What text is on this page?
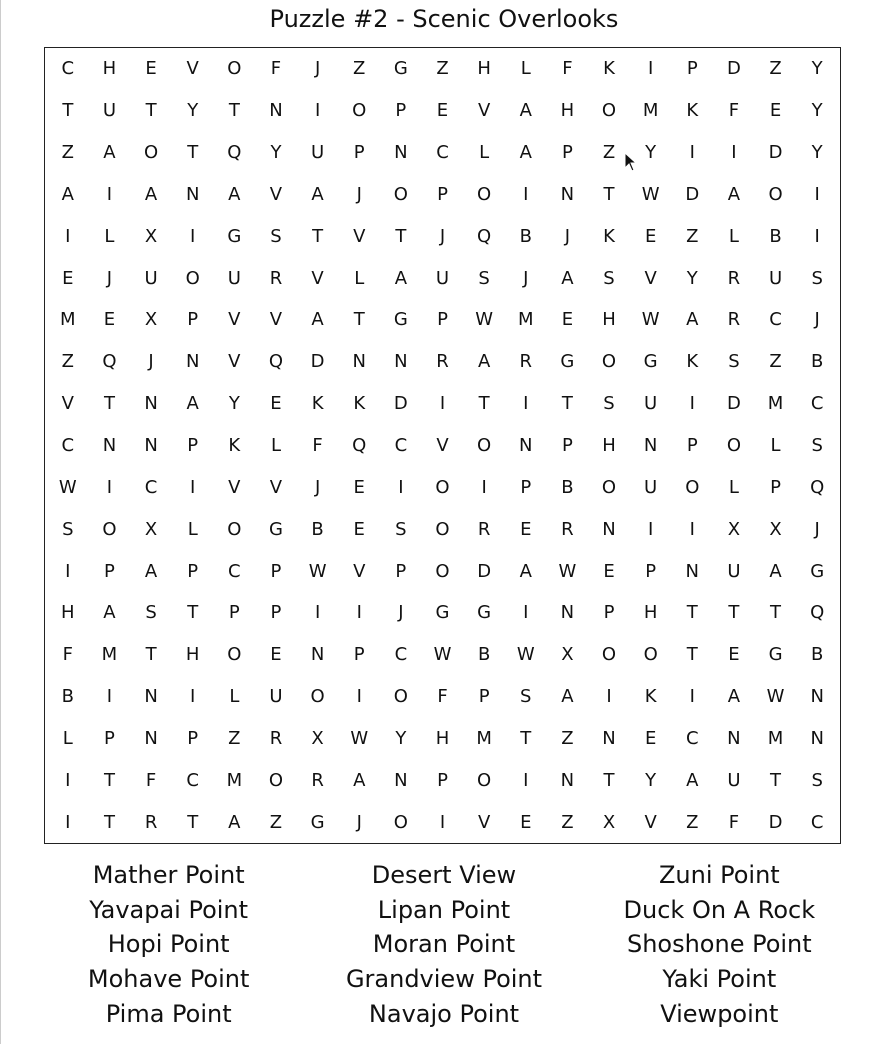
Puzzle #2 - Scenic Overlooks
C	H	E	V	O	F	J	Z	G	Z	H	L	F	K	I	P	D	Z	Y
T	U	T	Y	T	N	I	O	P	E	V	A	H	O	M	K	F	E	Y
Z	A	O	T	Q	Y	U	P	N	C	L	A	P	Z	Y	I	I	D	Y
A	I	A	N	A	V	A	J	O	P	O	I	N	T	W	D	A	O	I
I	L	X	I	G	S	T	V	T	J	Q	B	J	K	E	Z	L	B	I
E	J	U	O	U	R	V	L	A	U	S	J	A	S	V	Y	R	U	S
M	E	X	P	V	V	A	T	G	P	W	M	E	H	W	A	R	C	J
Z	Q	J	N	V	Q	D	N	N	R	A	R	G	O	G	K	S	Z	B
V	T	N	A	Y	E	K	K	D	I	T	I	T	S	U	I	D	M	C
C	N	N	P	K	L	F	Q	C	V	O	N	P	H	N	P	O	L	S
W	I	C	I	V	V	J	E	I	O	I	P	B	O	U	O	L	P	Q
S	O	X	L	O	G	B	E	S	O	R	E	R	N	I	I	X	X	J
I	P	A	P	C	P	W	V	P	O	D	A	W	E	P	N	U	A	G
H	A	S	T	P	P	I	I	J	G	G	I	N	P	H	T	T	T	Q
F	M	T	H	O	E	N	P	C	W	B	W	X	O	O	T	E	G	B
B	I	N	I	L	U	O	I	O	F	P	S	A	I	K	I	A	W	N
L	P	N	P	Z	R	X	W	Y	H	M	T	Z	N	E	C	N	M	N
I	T	F	C	M	O	R	A	N	P	O	I	N	T	Y	A	U	T	S
I	T	R	T	A	Z	G	J	O	I	V	E	Z	X	V	Z	F	D	C
Mather Point	Desert View	Zuni Point
Yavapai Point	Lipan Point	Duck On A Rock
Hopi Point	Moran Point	Shoshone Point
Mohave Point	Grandview Point	Yaki Point
Pima Point	Navajo Point	Viewpoint
